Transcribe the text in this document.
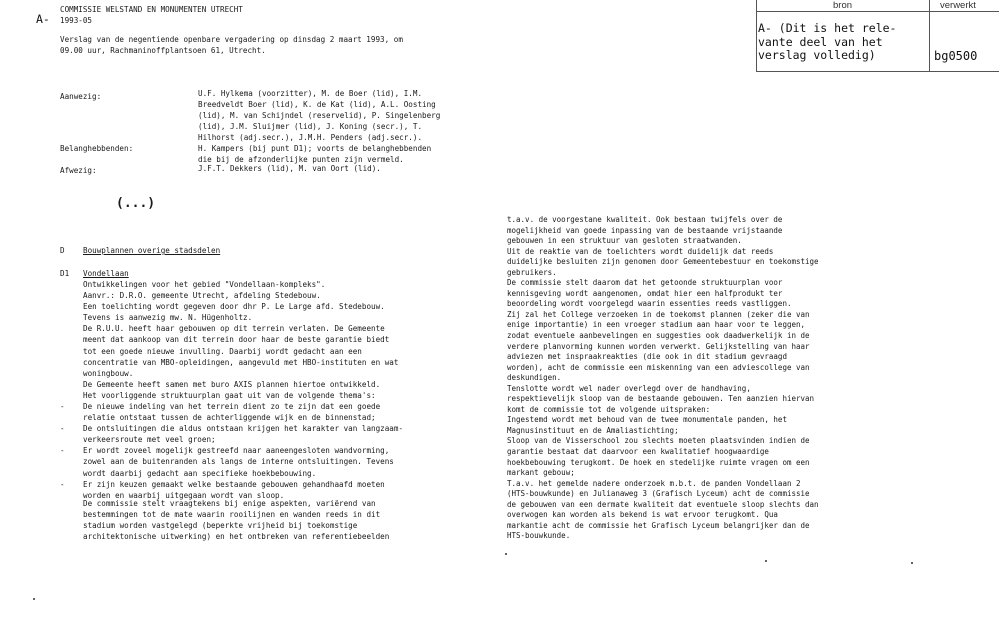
bron	verwerkt
A- (Dit is het rele-
vante deel van het
verslag volledig)	bg0500
A-
COMMISSIE WELSTAND EN MONUMENTEN UTRECHT
1993-05
Verslag van de negentiende openbare vergadering op dinsdag 2 maart 1993, om
09.00 uur, Rachmaninoffplantsoen 61, Utrecht.
Aanwezig:	U.F. Hylkema (voorzitter), M. de Boer (lid), I.M.
Breedveldt Boer (lid), K. de Kat (lid), A.L. Oosting
(lid), M. van Schijndel (reservelid), P. Singelenberg
(lid), J.M. Sluijmer (lid), J. Koning (secr.), T.
Hilhorst (adj.secr.), J.M.H. Penders (adj.secr.).
Belanghebbenden:	H. Kampers (bij punt D1); voorts de belanghebbenden
die bij de afzonderlijke punten zijn vermeld.
Afwezig:	J.F.T. Dekkers (lid), M. van Oort (lid).
(...)
D Bouwplannen overige stadsdelen
D1 Vondellaan
Ontwikkelingen voor het gebied "Vondellaan-kompleks".
Aanvr.: D.R.O. gemeente Utrecht, afdeling Stedebouw.
Een toelichting wordt gegeven door dhr P. Le Large afd. Stedebouw.
Tevens is aanwezig mw. N. Hügenholtz.
De R.U.U. heeft haar gebouwen op dit terrein verlaten. De Gemeente
meent dat aankoop van dit terrein door haar de beste garantie biedt
tot een goede nieuwe invulling. Daarbij wordt gedacht aan een
concentratie van MBO-opleidingen, aangevuld met HBO-instituten en wat
woningbouw.
De Gemeente heeft samen met buro AXIS plannen hiertoe ontwikkeld.
Het voorliggende struktuurplan gaat uit van de volgende thema's:
- De nieuwe indeling van het terrein dient zo te zijn dat een goede
relatie ontstaat tussen de achterliggende wijk en de binnenstad;
- De ontsluitingen die aldus ontstaan krijgen het karakter van langzaam-
verkeersroute met veel groen;
- Er wordt zoveel mogelijk gestreefd naar aaneengesloten wandvorming,
zowel aan de buitenranden als langs de interne ontsluitingen. Tevens
wordt daarbij gedacht aan specifieke hoekbebouwing.
- Er zijn keuzen gemaakt welke bestaande gebouwen gehandhaafd moeten
worden en waarbij uitgegaan wordt van sloop.
De commissie stelt vraagtekens bij enige aspekten, variërend van
bestemmingen tot de mate waarin rooilijnen en wanden reeds in dit
stadium worden vastgelegd (beperkte vrijheid bij toekomstige
architektonische uitwerking) en het ontbreken van referentiebeelden
t.a.v. de voorgestane kwaliteit. Ook bestaan twijfels over de
mogelijkheid van goede inpassing van de bestaande vrijstaande
gebouwen in een struktuur van gesloten straatwanden.
Uit de reaktie van de toelichters wordt duidelijk dat reeds
duidelijke besluiten zijn genomen door Gemeentebestuur en toekomstige
gebruikers.
De commissie stelt daarom dat het getoonde struktuurplan voor
kennisgeving wordt aangenomen, omdat hier een halfprodukt ter
beoordeling wordt voorgelegd waarin essenties reeds vastliggen.
Zij zal het College verzoeken in de toekomst plannen (zeker die van
enige importantie) in een vroeger stadium aan haar voor te leggen,
zodat eventuele aanbevelingen en suggesties ook daadwerkelijk in de
verdere planvorming kunnen worden verwerkt. Gelijkstelling van haar
adviezen met inspraakreakties (die ook in dit stadium gevraagd
worden), acht de commissie een miskenning van een adviescollege van
deskundigen.
Tenslotte wordt wel nader overlegd over de handhaving,
respektievelijk sloop van de bestaande gebouwen. Ten aanzien hiervan
komt de commissie tot de volgende uitspraken:
Ingestemd wordt met behoud van de twee monumentale panden, het
Magnusinstituut en de Amaliastichting;
Sloop van de Visserschool zou slechts moeten plaatsvinden indien de
garantie bestaat dat daarvoor een kwalitatief hoogwaardige
hoekbebouwing terugkomt. De hoek en stedelijke ruimte vragen om een
markant gebouw;
T.a.v. het gemelde nadere onderzoek m.b.t. de panden Vondellaan 2
(HTS-bouwkunde) en Julianaweg 3 (Grafisch Lyceum) acht de commissie
de gebouwen van een dermate kwaliteit dat eventuele sloop slechts dan
overwogen kan worden als bekend is wat ervoor terugkomt. Qua
markantie acht de commissie het Grafisch Lyceum belangrijker dan de
HTS-bouwkunde.
